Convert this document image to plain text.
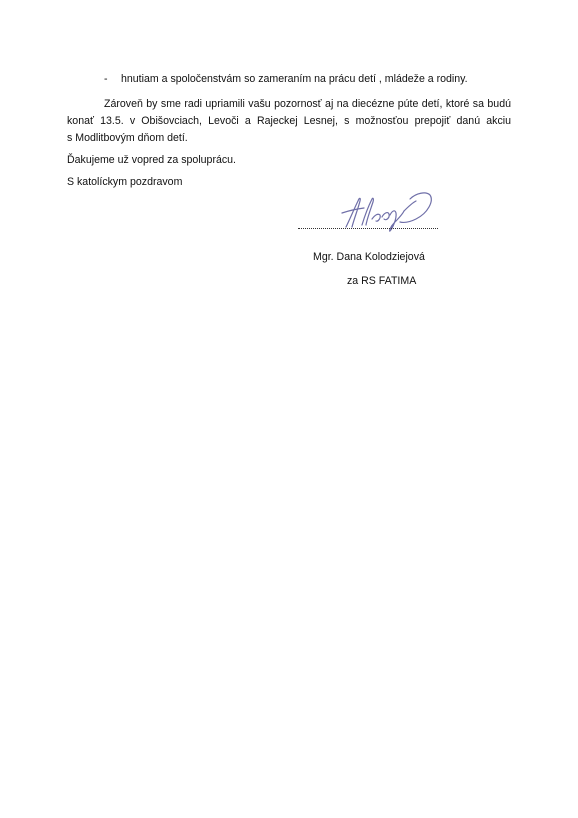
- hnutiam a spoločenstvám so zameraním na prácu detí , mládeže a rodiny.
Zároveň by sme radi upriamili vašu pozornosť aj na diecézne púte detí, ktoré sa budú
konať 13.5. v Obišovciach, Levoči a Rajeckej Lesnej, s možnosťou prepojiť danú akciu
s Modlitbovým dňom detí.
Ďakujeme už vopred za spoluprácu.
S katolíckym pozdravom
Mgr. Dana Kolodziejová
za RS FATIMA
